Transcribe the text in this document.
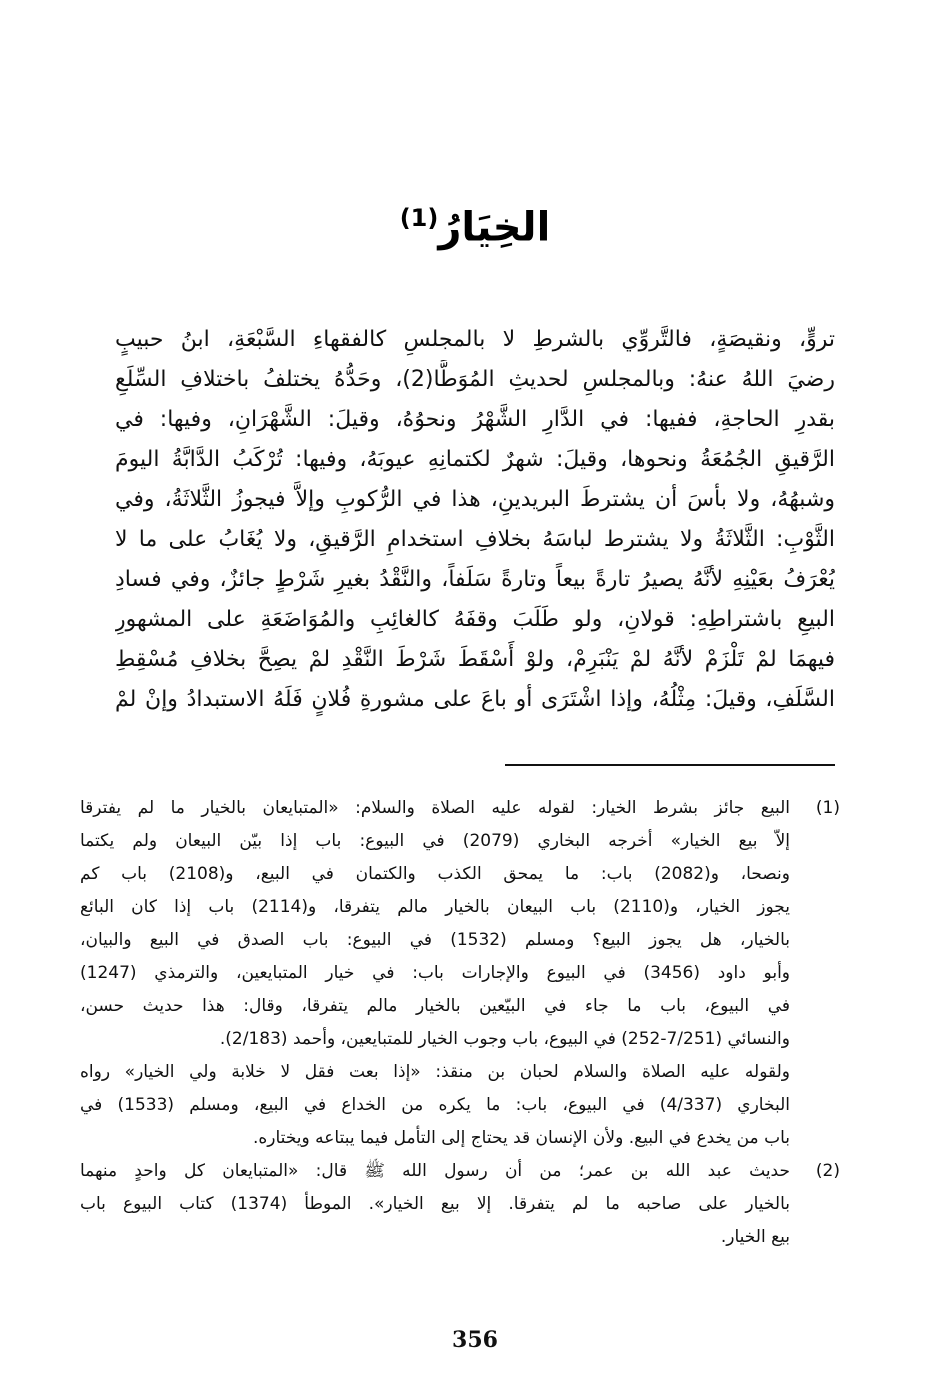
الخِيَارُ$^{(1)}$
تروٍّ، ونقيصَةٍ، فالتَّروِّي بالشرطِ لا بالمجلسِ كالفقهاءِ السَّبْعَةِ، ابنُ حبيبٍ
رضيَ اللهُ عنهُ: وبالمجلسِ لحديثِ المُوَطَّا(2)، وحَدُّهُ يختلفُ باختلافِ السِّلَعِ
بقدرِ الحاجةِ، ففيها: في الدَّارِ الشَّهْرُ ونحوُهُ، وقيلَ: الشَّهْرَانِ، وفيها: في
الرَّقيقِ الجُمُعَةُ ونحوها، وقيلَ: شهرٌ لكتمانِهِ عيوبَهُ، وفيها: تُرْكَبُ الدَّابَّةُ اليومَ
وشبهُهُ، ولا بأسَ أن يشترطَ البريدينِ، هذا في الرُّكوبِ وإلاَّ فيجوزُ الثَّلاثَةُ، وفي
الثَّوْبِ: الثَّلاثَةُ ولا يشترط لباسَهُ بخلافِ استخدامِ الرَّقيقِ، ولا يُغَابُ على ما لا
يُعْرَفُ بعَيْنِهِ لأنَّهُ يصيرُ تارةً بيعاً وتارةً سَلَفاً، والنَّقْدُ بغيرِ شَرْطٍ جائزٌ، وفي فسادِ
البيعِ باشتراطِهِ: قولانِ، ولو طَلَبَ وقفَهُ كالغائِبِ والمُوَاضَعَةِ على المشهورِ
فيهمَا لمْ تَلْزَمْ لأنَّهُ لمْ يَنْبَرِمْ، ولوْ أَسْقَطَ شَرْطَ النَّقْدِ لمْ يصِحَّ بخلافِ مُسْقِطِ
السَّلَفِ، وقيلَ: مِثْلُهُ، وإذا اشْتَرَى أو باعَ على مشورةِ فُلانٍ فَلَهُ الاستبدادُ وإنْ لمْ
(1)
البيع جائز بشرط الخيار: لقوله عليه الصلاة والسلام: «المتبايعان بالخيار ما لم يفترقا
إلاّ بيع الخيار» أخرجه البخاري (2079) في البيوع: باب إذا بيّن البيعان ولم يكتما
ونصحا، و(2082) باب: ما يمحق الكذب والكتمان في البيع، و(2108) باب كم
يجوز الخيار، و(2110) باب البيعان بالخيار مالم يتفرقا، و(2114) باب إذا كان البائع
بالخيار، هل يجوز البيع؟ ومسلم (1532) في البيوع: باب الصدق في البيع والبيان،
وأبو داود (3456) في البيوع والإجارات باب: في خيار المتبايعين، والترمذي (1247)
في البيوع، باب ما جاء في البيّعين بالخيار مالم يتفرقا، وقال: هذا حديث حسن،
والنسائي (7/251-252) في البيوع، باب وجوب الخيار للمتبايعين، وأحمد (2/183).
ولقوله عليه الصلاة والسلام لحبان بن منقذ: «إذا بعت فقل لا خلابة ولي الخيار» رواه
البخاري (4/337) في البيوع، باب: ما يكره من الخداع في البيع، ومسلم (1533) في
باب من يخدع في البيع. ولأن الإنسان قد يحتاج إلى التأمل فيما يبتاعه ويختاره.
(2)
حديث عبد الله بن عمر؛ من أن رسول الله ﷺ قال: «المتبايعان كل واحدٍ منهما
بالخيار على صاحبه ما لم يتفرقا. إلا بيع الخيار». الموطأ (1374) كتاب البيوع باب
بيع الخيار.
356
